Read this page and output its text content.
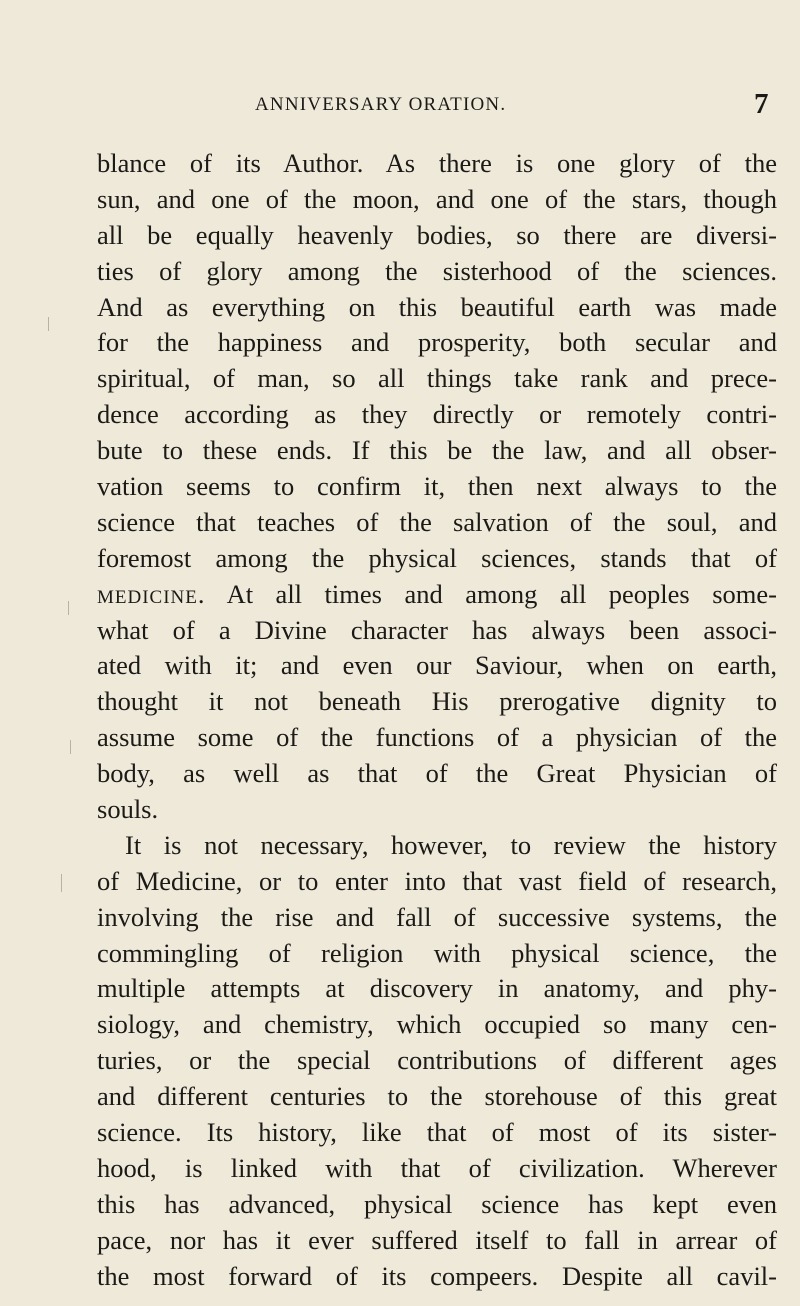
ANNIVERSARY ORATION.	7
blance of its Author. As there is one glory of the
sun, and one of the moon, and one of the stars, though
all be equally heavenly bodies, so there are diversi-
ties of glory among the sisterhood of the sciences.
And as everything on this beautiful earth was made
for the happiness and prosperity, both secular and
spiritual, of man, so all things take rank and prece-
dence according as they directly or remotely contri-
bute to these ends. If this be the law, and all obser-
vation seems to confirm it, then next always to the
science that teaches of the salvation of the soul, and
foremost among the physical sciences, stands that of
medicine. At all times and among all peoples some-
what of a Divine character has always been associ-
ated with it; and even our Saviour, when on earth,
thought it not beneath His prerogative dignity to
assume some of the functions of a physician of the
body, as well as that of the Great Physician of
souls.
It is not necessary, however, to review the history
of Medicine, or to enter into that vast field of research,
involving the rise and fall of successive systems, the
commingling of religion with physical science, the
multiple attempts at discovery in anatomy, and phy-
siology, and chemistry, which occupied so many cen-
turies, or the special contributions of different ages
and different centuries to the storehouse of this great
science. Its history, like that of most of its sister-
hood, is linked with that of civilization. Wherever
this has advanced, physical science has kept even
pace, nor has it ever suffered itself to fall in arrear of
the most forward of its compeers. Despite all cavil-
